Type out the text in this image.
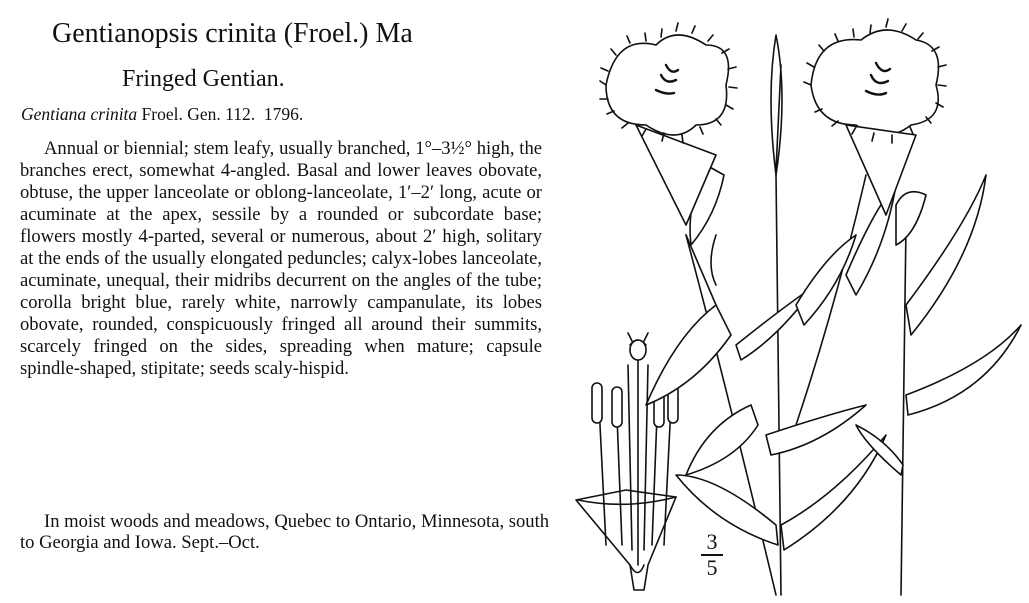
Gentianopsis crinita (Froel.) Ma
Fringed Gentian.
Gentiana crinita Froel. Gen. 112. 1796.
Annual or biennial; stem leafy, usually branched, 1°–3½° high, the branches erect, somewhat 4-angled. Basal and lower leaves obovate, obtuse, the upper lanceolate or oblong-lanceolate, 1′–2′ long, acute or acuminate at the apex, sessile by a rounded or subcordate base; flowers mostly 4-parted, several or numerous, about 2′ high, solitary at the ends of the usually elongated peduncles; calyx-lobes lanceolate, acuminate, unequal, their midribs decurrent on the angles of the tube; corolla bright blue, rarely white, narrowly campanulate, its lobes obovate, rounded, conspicuously fringed all around their summits, scarcely fringed on the sides, spreading when mature; capsule spindle-shaped, stipitate; seeds scaly-hispid.
In moist woods and meadows, Quebec to Ontario, Minnesota, south to Georgia and Iowa. Sept.–Oct.	3
5
